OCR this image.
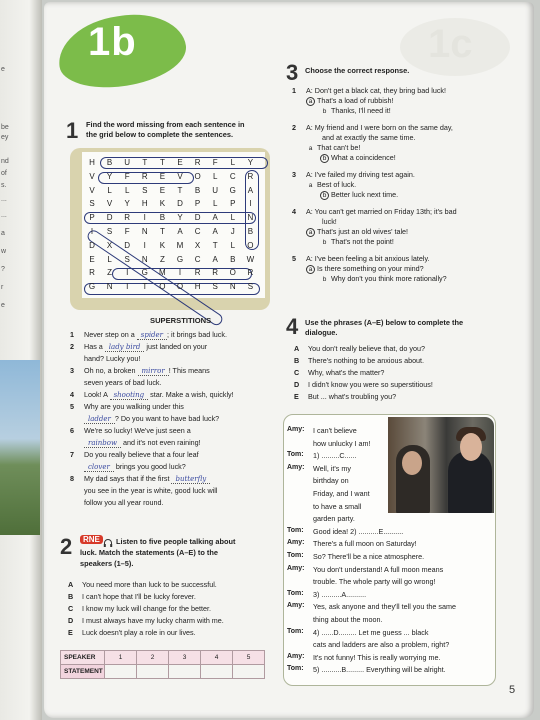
e
be
ey
nd
of
s.
...
...
a
w
?
r
e
1c
1b
1 Find the word missing from each sentence in
the grid below to complete the sentences.
SUPERSTITIONS
1 Never step on a spider ; it brings bad luck.
2 Has a lady bird just landed on your
hand? Lucky you!
3 Oh no, a broken mirror ! This means
seven years of bad luck.
4 Look! A shooting star. Make a wish, quickly!
5 Why are you walking under this
ladder ? Do you want to have bad luck?
6 We're so lucky! We've just seen a
rainbow and it's not even raining!
7 Do you really believe that a four leaf
clover brings you good luck?
8 My dad says that if the first butterfly
you see in the year is white, good luck will
follow you all year round.
2	RNE	Listen to five people talking about
luck. Match the statements (A–E) to the
speakers (1–5).
A You need more than luck to be successful.
B I can't hope that I'll be lucky forever.
C I know my luck will change for the better.
D I must always have my lucky charm with me.
E Luck doesn't play a role in our lives.
SPEAKER	1	2	3	4	5
STATEMENT					
3 Choose the correct response.
1 A: Don't get a black cat, they bring bad luck!
a That's a load of rubbish!
b Thanks, I'll need it!
2 A: My friend and I were born on the same day,
and at exactly the same time.
a That can't be!
b What a coincidence!
3 A: I've failed my driving test again.
a Best of luck.
b Better luck next time.
4 A: You can't get married on Friday 13th; it's bad
luck!
a That's just an old wives' tale!
b That's not the point!
5 A: I've been feeling a bit anxious lately.
a Is there something on your mind?
b Why don't you think more rationally?
4 Use the phrases (A–E) below to complete the
dialogue.
A You don't really believe that, do you?
B There's nothing to be anxious about.
C Why, what's the matter?
D I didn't know you were so superstitious!
E But ... what's troubling you?
Amy: I can't believe
how unlucky I am!
Tom: 1) .........C......
Amy: Well, it's my
birthday on
Friday, and I want
to have a small
garden party.
Tom: Good idea! 2) ..........E..........
Amy: There's a full moon on Saturday!
Tom: So? There'll be a nice atmosphere.
Amy: You don't understand! A full moon means
trouble. The whole party will go wrong!
Tom: 3) ..........A..........
Amy: Yes, ask anyone and they'll tell you the same
thing about the moon.
Tom: 4) ......D......... Let me guess ... black
cats and ladders are also a problem, right?
Amy: It's not funny! This is really worrying me.
Tom: 5) ..........B......... Everything will be alright.
5
H	B	U	T	T	E	R	F	L	Y
V	Y	F	R	E	V	O	L	C	R
V	L	L	S	E	T	B	U	G	A
S	V	Y	H	K	D	P	L	P	I
P	D	R	I	B	Y	D	A	L	N
I	S	F	N	T	A	C	A	J	B
D	X	D	I	K	M	X	T	L	O
E	L	S	N	Z	G	C	A	B	W
R	Z	I	G	M	I	R	R	O	R
G	N	I	T	O	O	H	S	N	S
